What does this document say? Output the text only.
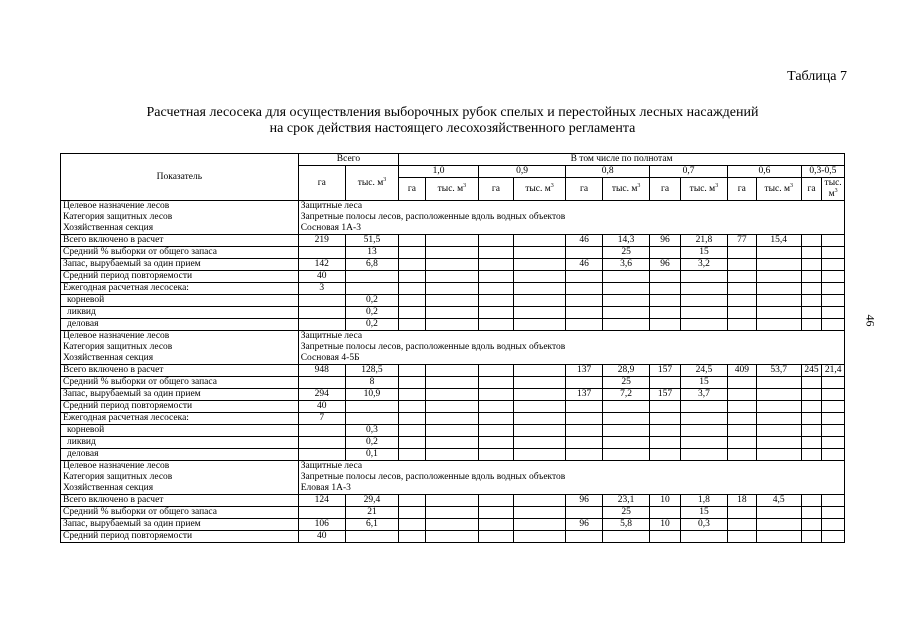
Таблица 7
Расчетная лесосека для осуществления выборочных рубок спелых и перестойных лесных насаждений
на срок действия настоящего лесохозяйственного регламента
46
Показатель	Всего		В том числе по полнотам											
	га	тыс. $м^3$	1,0		0,9		0,8		0,7		0,6		0,3-0,5	
			га	тыс. $м^3$	га	тыс. $м^3$	га	тыс. $м^3$	га	тыс. $м^3$	га	тыс. $м^3$	га	тыс.
$м^3$

Целевое назначение лесов	Защитные леса													
Категория защитных лесов	Запретные полосы лесов, расположенные вдоль водных объектов													
Хозяйственная секция	Сосновая 1А-3													
Всего включено в расчет	219	51,5					46	14,3	96	21,8	77	15,4		
Средний % выборки от общего запаса		13						25		15				
Запас, вырубаемый за один прием	142	6,8					46	3,6	96	3,2				
Средний период повторяемости	40													
Ежегодная расчетная лесосека:	3													
корневой		0,2												
ликвид		0,2												
деловая		0,2												
Целевое назначение лесов	Защитные леса													
Категория защитных лесов	Запретные полосы лесов, расположенные вдоль водных объектов													
Хозяйственная секция	Сосновая 4-5Б													
Всего включено в расчет	948	128,5					137	28,9	157	24,5	409	53,7	245	21,4
Средний % выборки от общего запаса		8						25		15				
Запас, вырубаемый за один прием	294	10,9					137	7,2	157	3,7				
Средний период повторяемости	40													
Ежегодная расчетная лесосека:	7													
корневой		0,3												
ликвид		0,2												
деловая		0,1												
Целевое назначение лесов	Защитные леса													
Категория защитных лесов	Запретные полосы лесов, расположенные вдоль водных объектов													
Хозяйственная секция	Еловая 1А-3													
Всего включено в расчет	124	29,4					96	23,1	10	1,8	18	4,5		
Средний % выборки от общего запаса		21						25		15				
Запас, вырубаемый за один прием	106	6,1					96	5,8	10	0,3				
Средний период повторяемости	40													
